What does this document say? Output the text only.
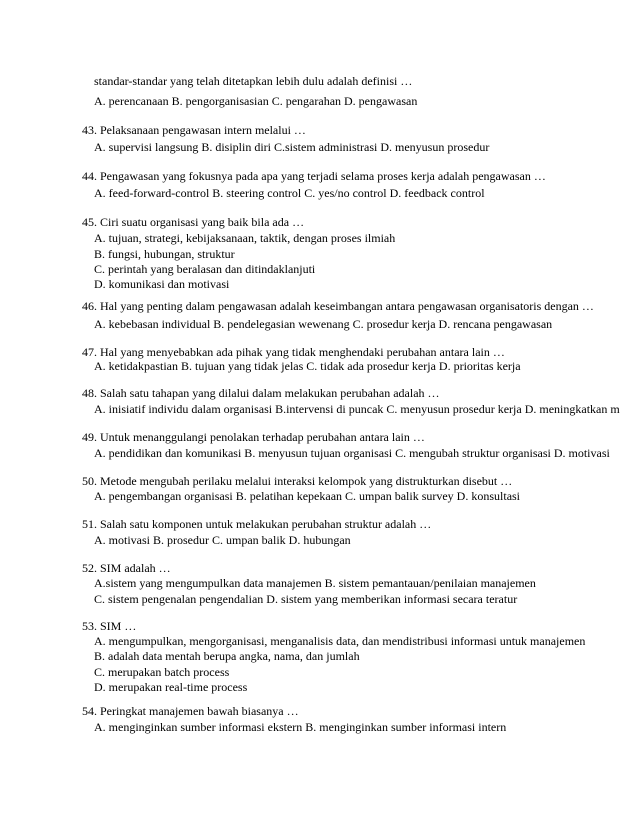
standar-standar yang telah ditetapkan lebih dulu adalah definisi …
A. perencanaan B. pengorganisasian C. pengarahan D. pengawasan
43. Pelaksanaan pengawasan intern melalui …
A. supervisi langsung B. disiplin diri C.sistem administrasi D. menyusun prosedur
44. Pengawasan yang fokusnya pada apa yang terjadi selama proses kerja adalah pengawasan …
A. feed-forward-control B. steering control C. yes/no control D. feedback control
45. Ciri suatu organisasi yang baik bila ada …
A. tujuan, strategi, kebijaksanaan, taktik, dengan proses ilmiah
B. fungsi, hubungan, struktur
C. perintah yang beralasan dan ditindaklanjuti
D. komunikasi dan motivasi
46. Hal yang penting dalam pengawasan adalah keseimbangan antara pengawasan organisatoris dengan …
A. kebebasan individual B. pendelegasian wewenang C. prosedur kerja D. rencana pengawasan
47. Hal yang menyebabkan ada pihak yang tidak menghendaki perubahan antara lain …
A. ketidakpastian B. tujuan yang tidak jelas C. tidak ada prosedur kerja D. prioritas kerja
48. Salah satu tahapan yang dilalui dalam melakukan perubahan adalah …
A. inisiatif individu dalam organisasi B.intervensi di puncak C. menyusun prosedur kerja D. meningkatkan m
49. Untuk menanggulangi penolakan terhadap perubahan antara lain …
A. pendidikan dan komunikasi B. menyusun tujuan organisasi C. mengubah struktur organisasi D. motivasi
50. Metode mengubah perilaku melalui interaksi kelompok yang distrukturkan disebut …
A. pengembangan organisasi B. pelatihan kepekaan C. umpan balik survey D. konsultasi
51. Salah satu komponen untuk melakukan perubahan struktur adalah …
A. motivasi B. prosedur C. umpan balik D. hubungan
52. SIM adalah …
A.sistem yang mengumpulkan data manajemen B. sistem pemantauan/penilaian manajemen
C. sistem pengenalan pengendalian D. sistem yang memberikan informasi secara teratur
53. SIM …
A. mengumpulkan, mengorganisasi, menganalisis data, dan mendistribusi informasi untuk manajemen
B. adalah data mentah berupa angka, nama, dan jumlah
C. merupakan batch process
D. merupakan real-time process
54. Peringkat manajemen bawah biasanya …
A. menginginkan sumber informasi ekstern B. menginginkan sumber informasi intern
